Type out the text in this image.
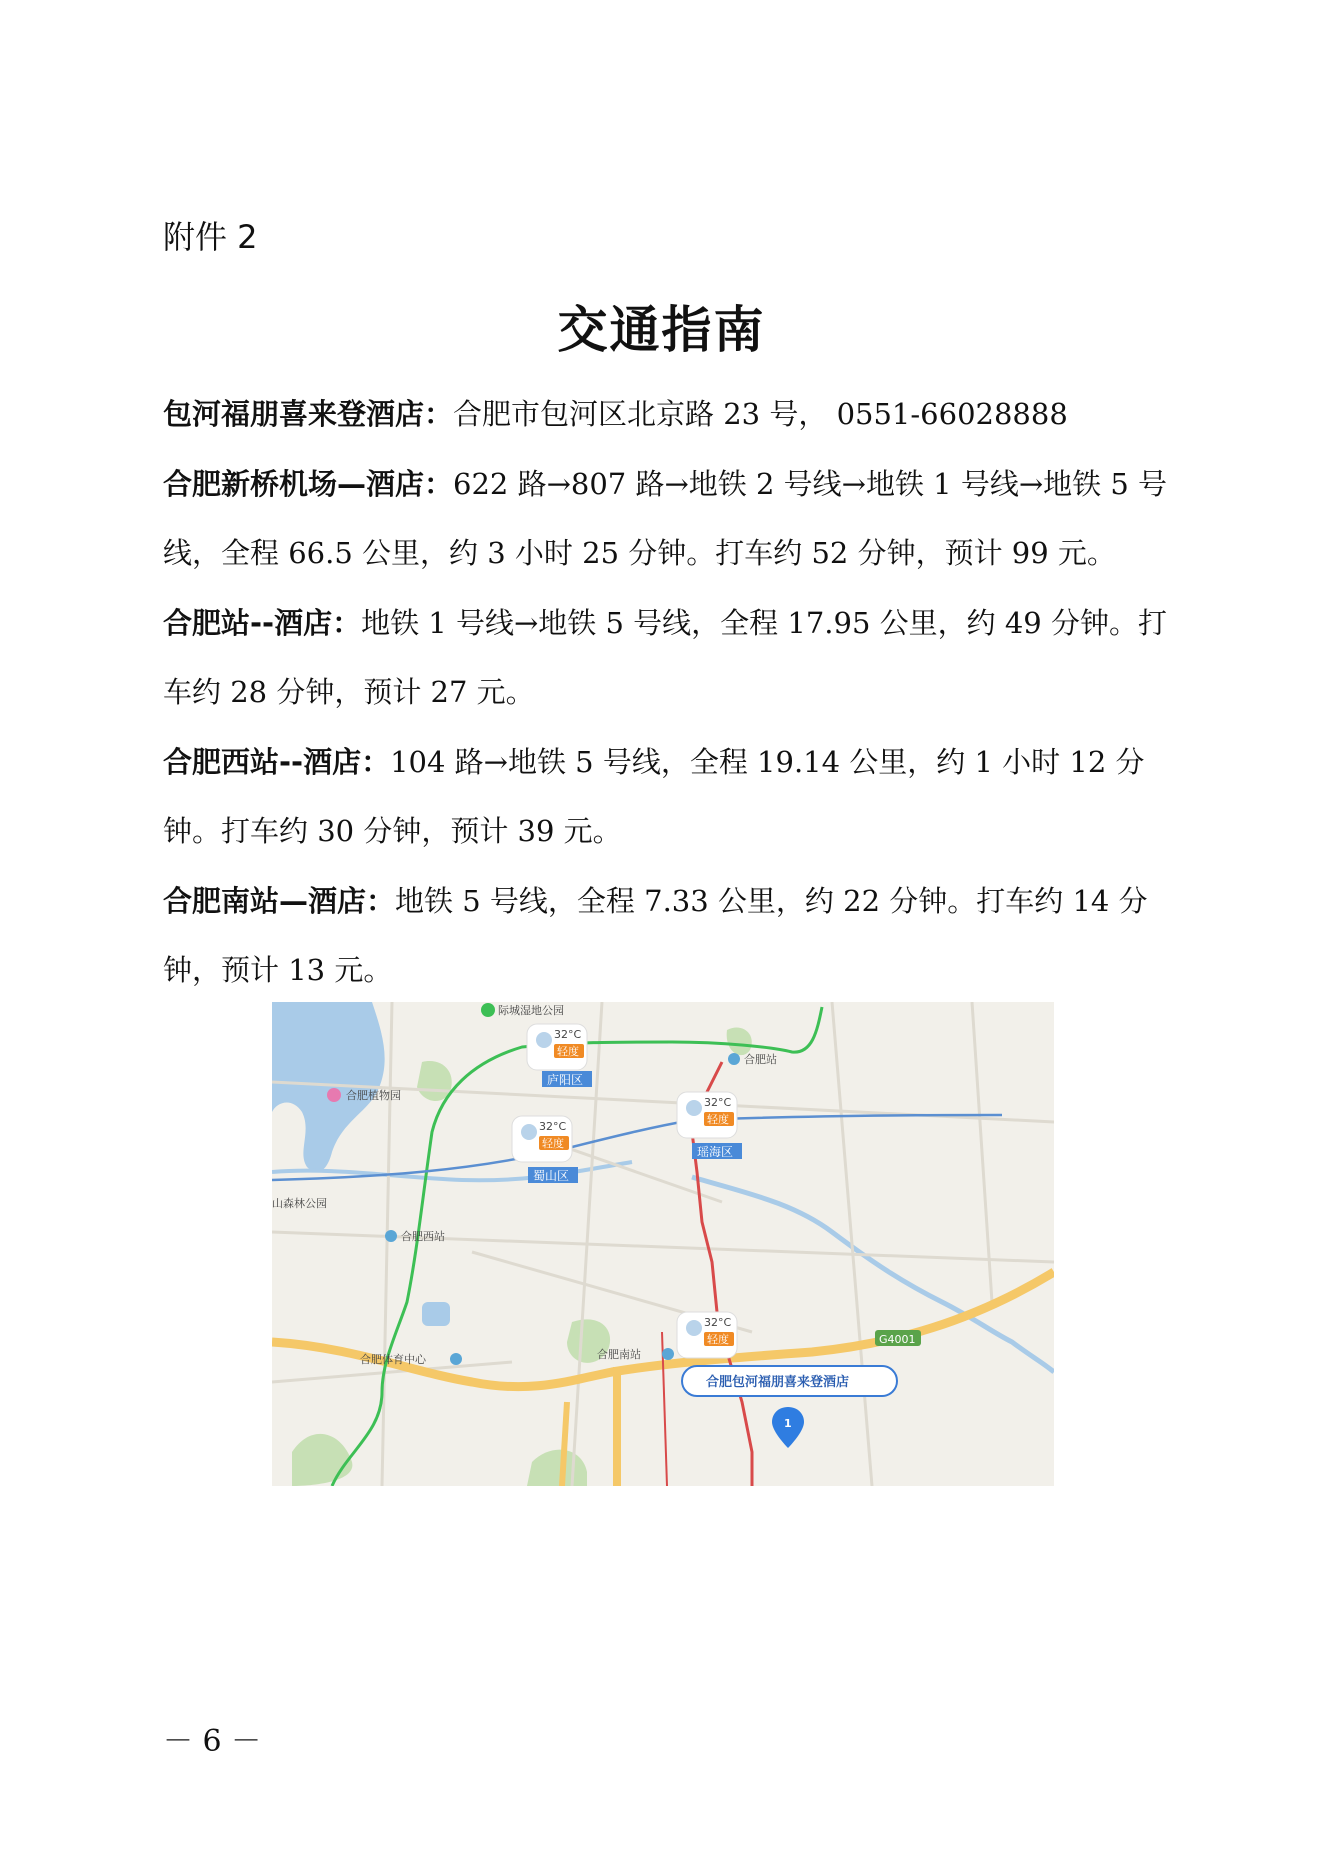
附件 2
交通指南

包河福朋喜来登酒店：合肥市包河区北京路 23 号， 0551-66028888

合肥新桥机场—酒店：622 路→807 路→地铁 2 号线→地铁 1 号线→地铁 5 号线，全程 66.5 公里，约 3 小时 25 分钟。打车约 52 分钟，预计 99 元。

合肥站--酒店：地铁 1 号线→地铁 5 号线，全程 17.95 公里，约 49 分钟。打车约 28 分钟，预计 27 元。

合肥西站--酒店：104 路→地铁 5 号线，全程 19.14 公里，约 1 小时 12 分钟。打车约 30 分钟，预计 39 元。

合肥南站—酒店：地铁 5 号线，全程 7.33 公里，约 22 分钟。打车约 14 分钟，预计 13 元。

际城湿地公园
合肥站
合肥植物园
山森林公园
合肥西站
合肥体育中心	合肥南站
庐阳区
瑶海区
蜀山区
G4001
32°C
轻度
32°C
轻度
32°C
轻度
32°C
轻度
合肥包河福朋喜来登酒店
1
－ 6 －
